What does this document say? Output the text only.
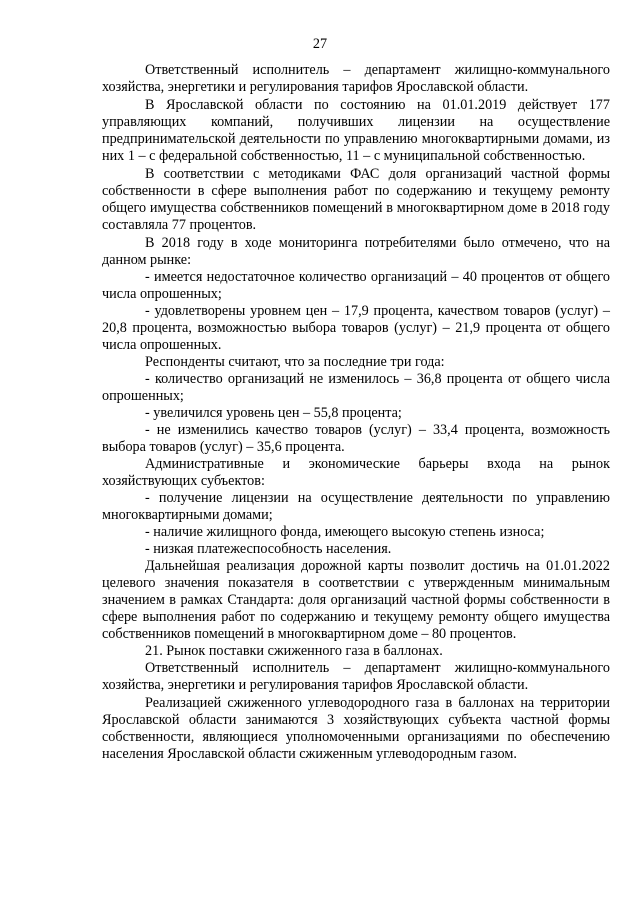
27

Ответственный исполнитель – департамент жилищно-коммунального хозяйства, энергетики и регулирования тарифов Ярославской области.

В Ярославской области по состоянию на 01.01.2019 действует 177 управляющих компаний, получивших лицензии на осуществление предпринимательской деятельности по управлению многоквартирными домами, из них 1 – с федеральной собственностью, 11 – с муниципальной собственностью.

В соответствии с методиками ФАС доля организаций частной формы собственности в сфере выполнения работ по содержанию и текущему ремонту общего имущества собственников помещений в многоквартирном доме в 2018 году составляла 77 процентов.

В 2018 году в ходе мониторинга потребителями было отмечено, что на данном рынке:

- имеется недостаточное количество организаций – 40 процентов от общего числа опрошенных;

- удовлетворены уровнем цен – 17,9 процента, качеством товаров (услуг) – 20,8 процента, возможностью выбора товаров (услуг) – 21,9 процента от общего числа опрошенных.

Респонденты считают, что за последние три года:

- количество организаций не изменилось – 36,8 процента от общего числа опрошенных;

- увеличился уровень цен – 55,8 процента;

- не изменились качество товаров (услуг) – 33,4 процента, возможность выбора товаров (услуг) – 35,6 процента.

Административные и экономические барьеры входа на рынок хозяйствующих субъектов:

- получение лицензии на осуществление деятельности по управлению многоквартирными домами;

- наличие жилищного фонда, имеющего высокую степень износа;

- низкая платежеспособность населения.

Дальнейшая реализация дорожной карты позволит достичь на 01.01.2022 целевого значения показателя в соответствии с утвержденным минимальным значением в рамках Стандарта: доля организаций частной формы собственности в сфере выполнения работ по содержанию и текущему ремонту общего имущества собственников помещений в многоквартирном доме – 80 процентов.

21. Рынок поставки сжиженного газа в баллонах.

Ответственный исполнитель – департамент жилищно-коммунального хозяйства, энергетики и регулирования тарифов Ярославской области.

Реализацией сжиженного углеводородного газа в баллонах на территории Ярославской области занимаются 3 хозяйствующих субъекта частной формы собственности, являющиеся уполномоченными организациями по обеспечению населения Ярославской области сжиженным углеводородным газом.
